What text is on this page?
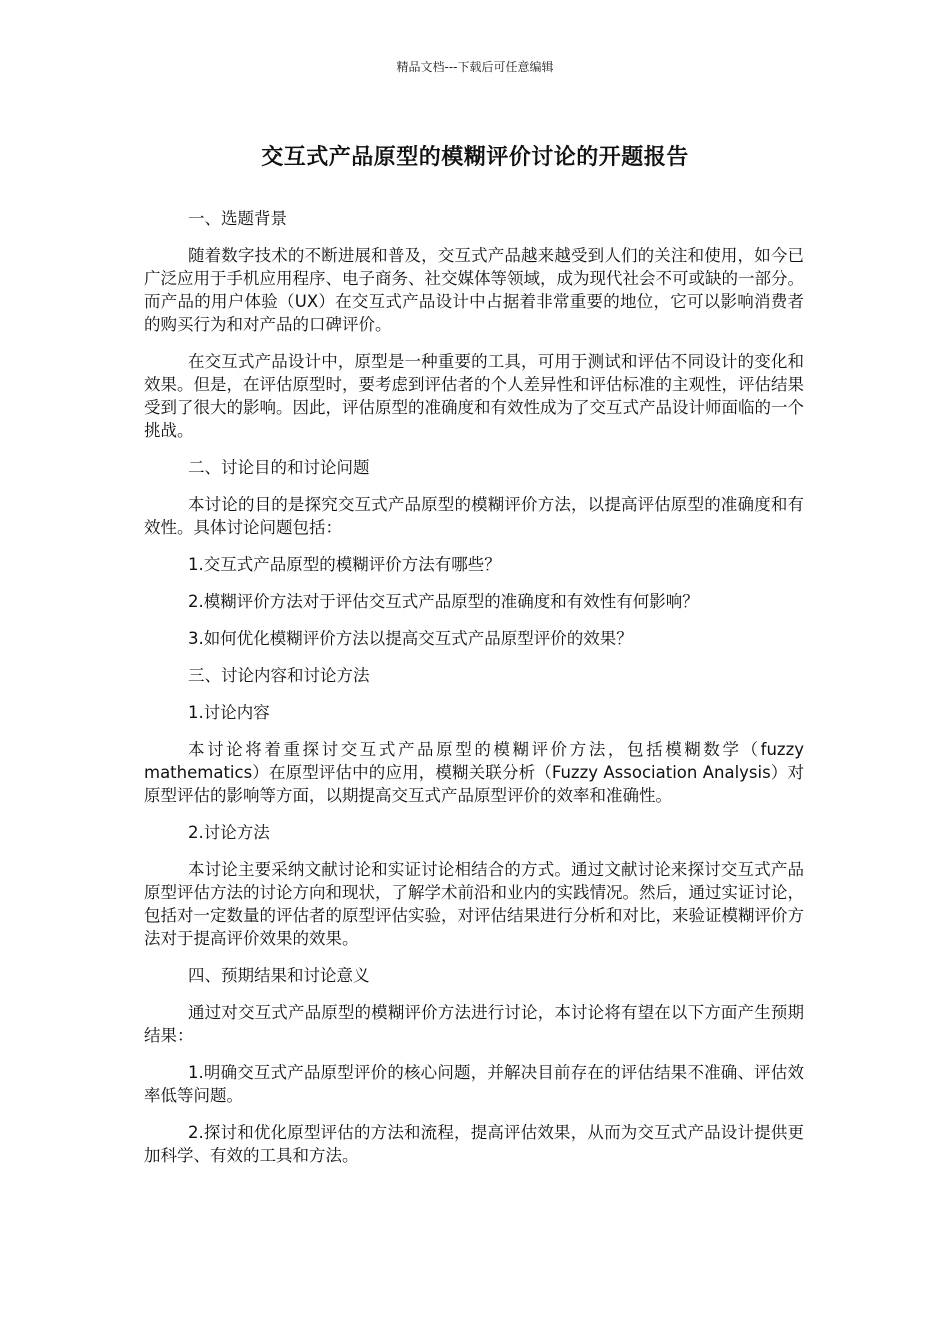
精品文档---下载后可任意编辑
交互式产品原型的模糊评价讨论的开题报告

一、选题背景

随着数字技术的不断进展和普及，交互式产品越来越受到人们的关注和使用，如今已广泛应用于手机应用程序、电子商务、社交媒体等领域，成为现代社会不可或缺的一部分。而产品的用户体验（UX）在交互式产品设计中占据着非常重要的地位，它可以影响消费者的购买行为和对产品的口碑评价。

在交互式产品设计中，原型是一种重要的工具，可用于测试和评估不同设计的变化和效果。但是，在评估原型时，要考虑到评估者的个人差异性和评估标准的主观性，评估结果受到了很大的影响。因此，评估原型的准确度和有效性成为了交互式产品设计师面临的一个挑战。

二、讨论目的和讨论问题

本讨论的目的是探究交互式产品原型的模糊评价方法，以提高评估原型的准确度和有效性。具体讨论问题包括：

1.交互式产品原型的模糊评价方法有哪些？

2.模糊评价方法对于评估交互式产品原型的准确度和有效性有何影响？

3.如何优化模糊评价方法以提高交互式产品原型评价的效果？

三、讨论内容和讨论方法

1.讨论内容

本讨论将着重探讨交互式产品原型的模糊评价方法，包括模糊数学（fuzzy mathematics）在原型评估中的应用，模糊关联分析（Fuzzy Association Analysis）对原型评估的影响等方面，以期提高交互式产品原型评价的效率和准确性。

2.讨论方法

本讨论主要采纳文献讨论和实证讨论相结合的方式。通过文献讨论来探讨交互式产品原型评估方法的讨论方向和现状，了解学术前沿和业内的实践情况。然后，通过实证讨论，包括对一定数量的评估者的原型评估实验，对评估结果进行分析和对比，来验证模糊评价方法对于提高评价效果的效果。

四、预期结果和讨论意义

通过对交互式产品原型的模糊评价方法进行讨论，本讨论将有望在以下方面产生预期结果：

1.明确交互式产品原型评价的核心问题，并解决目前存在的评估结果不准确、评估效率低等问题。

2.探讨和优化原型评估的方法和流程，提高评估效果，从而为交互式产品设计提供更加科学、有效的工具和方法。
